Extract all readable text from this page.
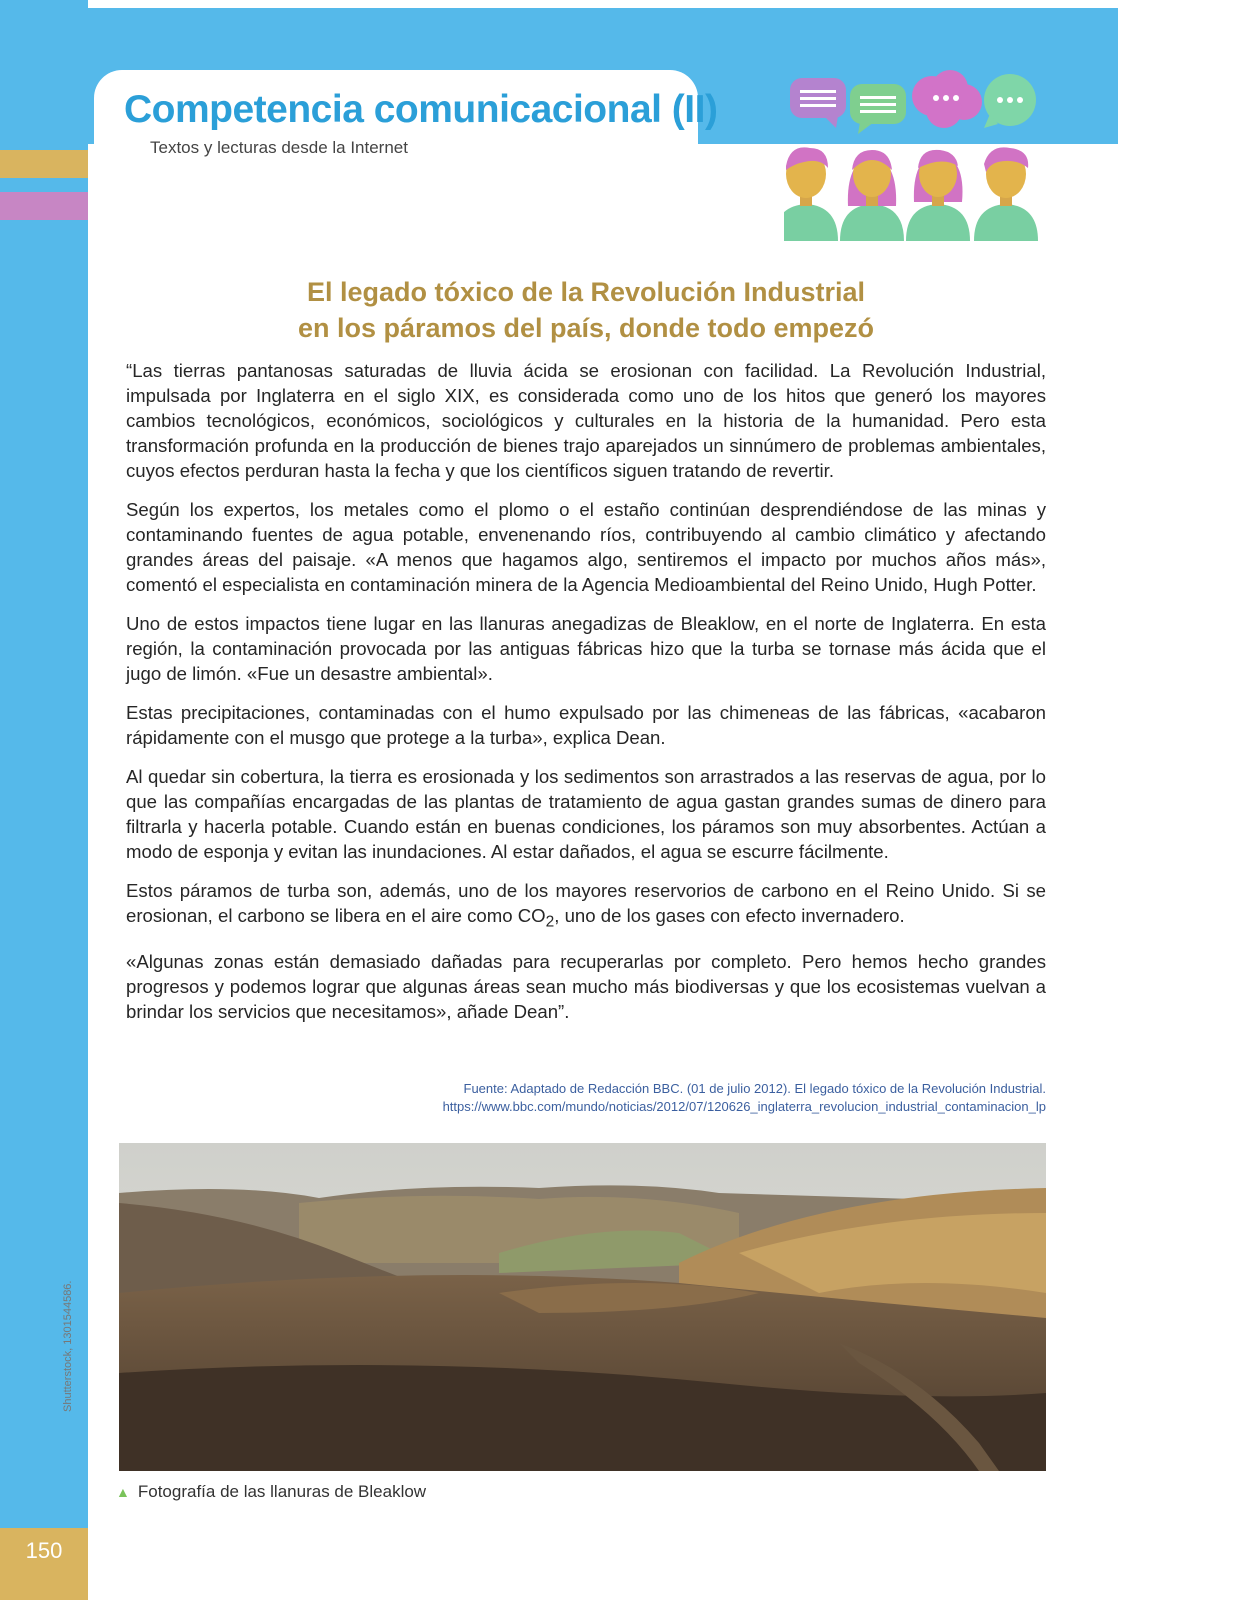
Competencia comunicacional (II)
Textos y lecturas desde la Internet
El legado tóxico de la Revolución Industrial
en los páramos del país, donde todo empezó

“Las tierras pantanosas saturadas de lluvia ácida se erosionan con facilidad. La Revolución Industrial, impulsada por Inglaterra en el siglo XIX, es considerada como uno de los hitos que generó los mayores cambios tecnológicos, económicos, sociológicos y culturales en la historia de la humanidad. Pero esta transformación profunda en la producción de bienes trajo aparejados un sinnúmero de problemas ambientales, cuyos efectos perduran hasta la fecha y que los científicos siguen tratando de revertir.

Según los expertos, los metales como el plomo o el estaño continúan desprendiéndose de las minas y contaminando fuentes de agua potable, envenenando ríos, contribuyendo al cambio climático y afectando grandes áreas del paisaje. «A menos que hagamos algo, sentiremos el impacto por muchos años más», comentó el especialista en contaminación minera de la Agencia Medioambiental del Reino Unido, Hugh Potter.

Uno de estos impactos tiene lugar en las llanuras anegadizas de Bleaklow, en el norte de Inglaterra. En esta región, la contaminación provocada por las antiguas fábricas hizo que la turba se tornase más ácida que el jugo de limón. «Fue un desastre ambiental».

Estas precipitaciones, contaminadas con el humo expulsado por las chimeneas de las fábricas, «acabaron rápidamente con el musgo que protege a la turba», explica Dean.

Al quedar sin cobertura, la tierra es erosionada y los sedimentos son arrastrados a las reservas de agua, por lo que las compañías encargadas de las plantas de tratamiento de agua gastan grandes sumas de dinero para filtrarla y hacerla potable. Cuando están en buenas condiciones, los páramos son muy absorbentes. Actúan a modo de esponja y evitan las inundaciones. Al estar dañados, el agua se escurre fácilmente.

Estos páramos de turba son, además, uno de los mayores reservorios de carbono en el Reino Unido. Si se erosionan, el carbono se libera en el aire como $CO_2$, uno de los gases con efecto invernadero.

«Algunas zonas están demasiado dañadas para recuperarlas por completo. Pero hemos hecho grandes progresos y podemos lograr que algunas áreas sean mucho más biodiversas y que los ecosistemas vuelvan a brindar los servicios que necesitamos», añade Dean”.

Fuente: Adaptado de Redacción BBC. (01 de julio 2012). El legado tóxico de la Revolución Industrial.
https://www.bbc.com/mundo/noticias/2012/07/120626_inglaterra_revolucion_industrial_contaminacion_lp
Shutterstock, 1301544586.
▲ Fotografía de las llanuras de Bleaklow
150
